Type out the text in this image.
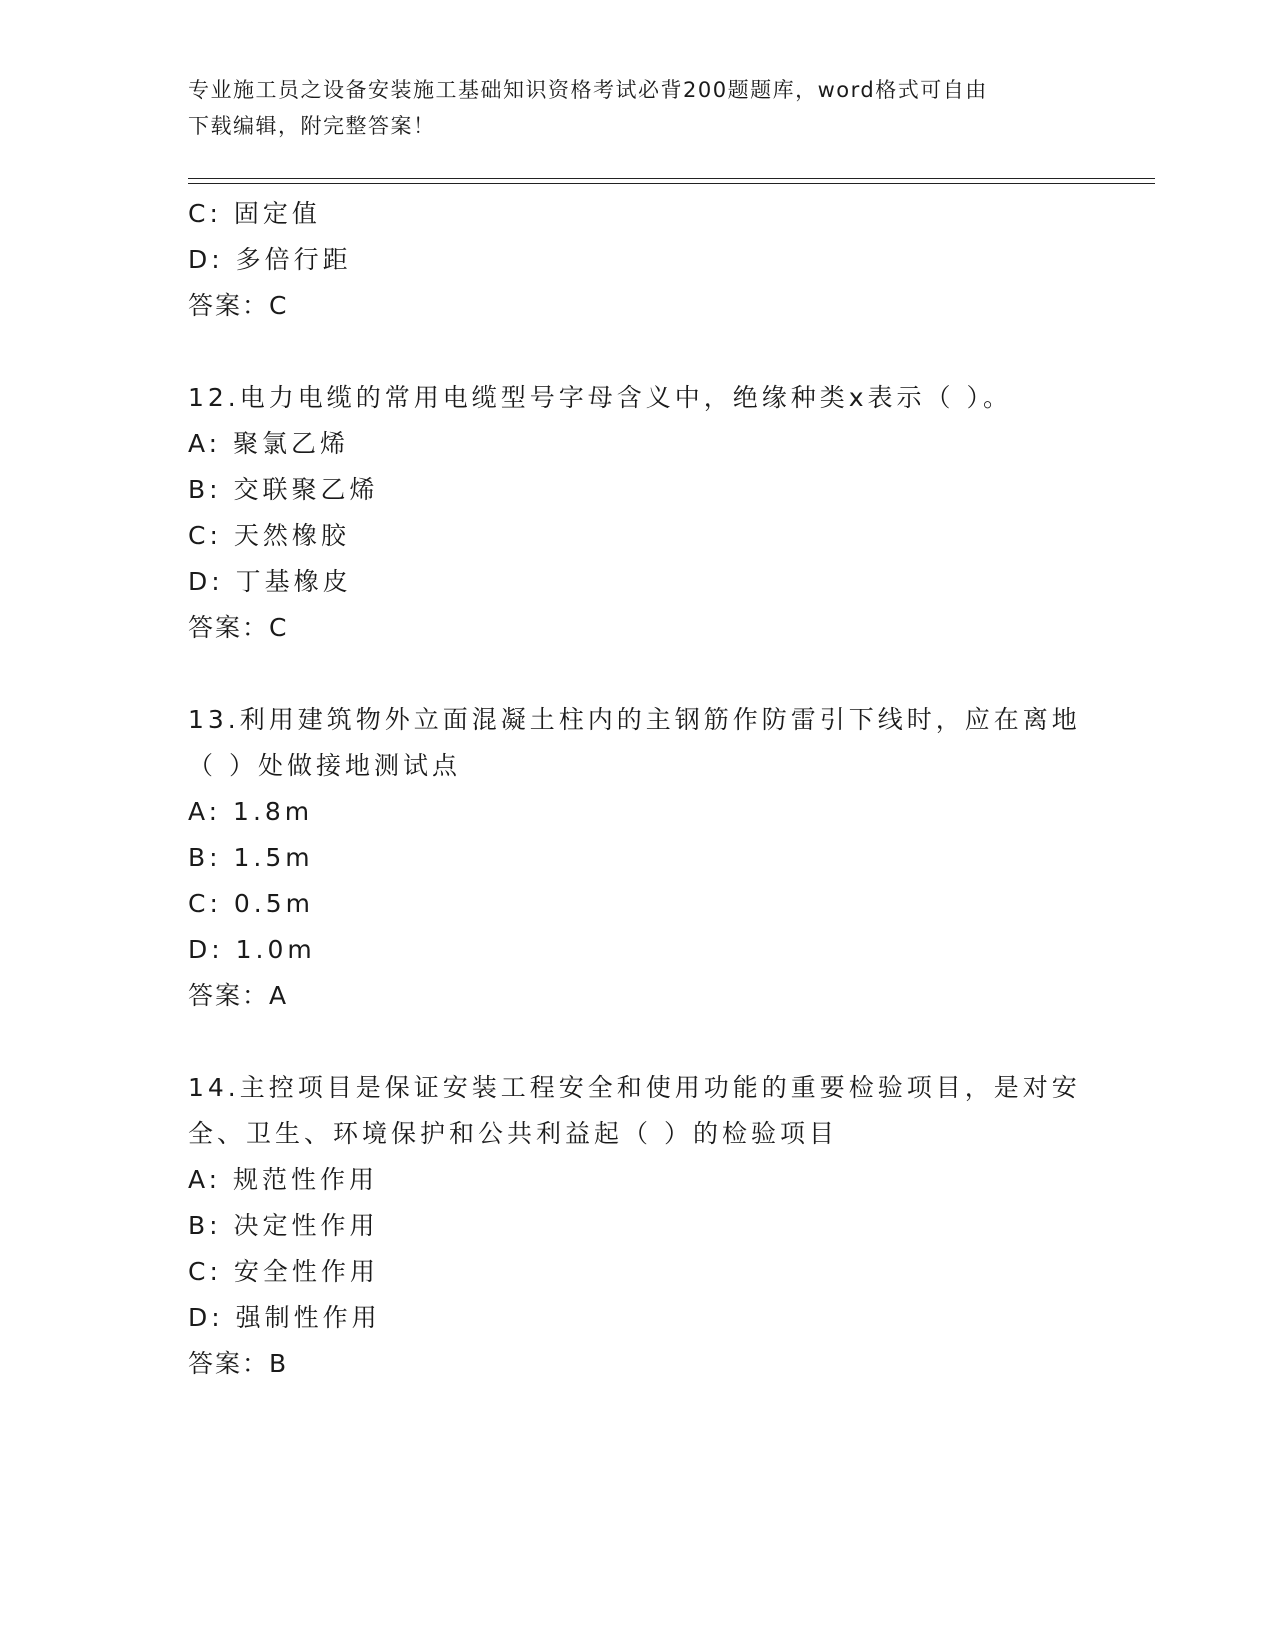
专业施工员之设备安装施工基础知识资格考试必背200题题库，word格式可自由
下载编辑，附完整答案！
C: 固定值
D: 多倍行距
答案：C
12.电力电缆的常用电缆型号字母含义中，绝缘种类x表示（ ）。
A: 聚氯乙烯
B: 交联聚乙烯
C: 天然橡胶
D: 丁基橡皮
答案：C
13.利用建筑物外立面混凝土柱内的主钢筋作防雷引下线时，应在离地
（ ）处做接地测试点
A: 1.8m
B: 1.5m
C: 0.5m
D: 1.0m
答案：A
14.主控项目是保证安装工程安全和使用功能的重要检验项目，是对安
全、卫生、环境保护和公共利益起（ ）的检验项目
A: 规范性作用
B: 决定性作用
C: 安全性作用
D: 强制性作用
答案：B
